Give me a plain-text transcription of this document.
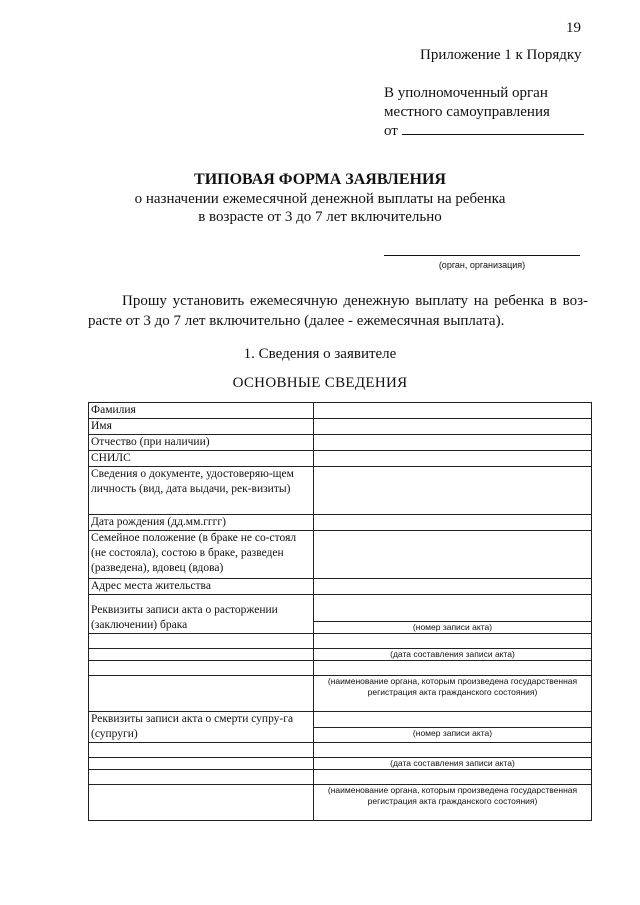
19
Приложение 1 к Порядку
В уполномоченный орган
местного самоуправления
от
ТИПОВАЯ ФОРМА ЗАЯВЛЕНИЯ
о назначении ежемесячной денежной выплаты на ребенка
в возрасте от 3 до 7 лет включительно
(орган, организация)
Прошу установить ежемесячную денежную выплату на ребенка в воз-расте от 3 до 7 лет включительно (далее - ежемесячная выплата).
1. Сведения о заявителе
ОСНОВНЫЕ СВЕДЕНИЯ
Фамилия	
Имя	
Отчество (при наличии)	
СНИЛС	
Сведения о документе, удостоверяю-щем личность (вид, дата выдачи, рек-визиты)	
Дата рождения (дд.мм.гггг)	
Семейное положение (в браке не со-стоял (не состояла), состою в браке, разведен (разведена), вдовец (вдова)	
Адрес места жительства	
Реквизиты записи акта о расторжении (заключении) брака	
	(номер записи акта)

	(дата составления записи акта)

	(наименование органа, которым произведена государственная регистрация акта гражданского состояния)
Реквизиты записи акта о смерти супру-га (супруги)	
	(номер записи акта)

	(дата составления записи акта)

	(наименование органа, которым произведена государственная регистрация акта гражданского состояния)
